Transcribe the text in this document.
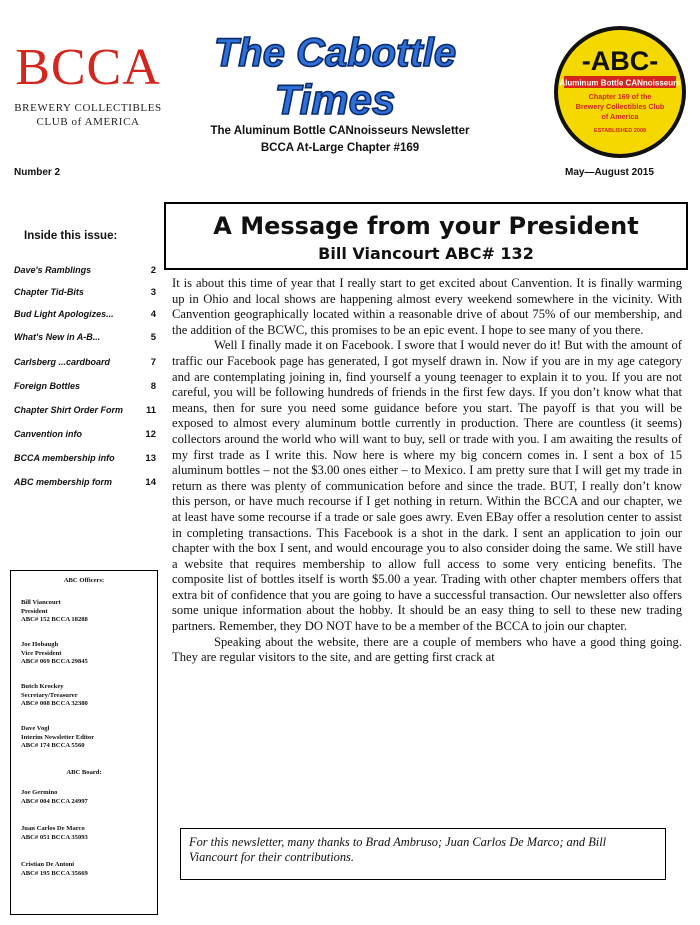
BCCA
BREWERY COLLECTIBLES
CLUB of AMERICA
The Cabottle
Times
The Aluminum Bottle CANnoisseurs Newsletter
BCCA At-Large Chapter #169
-ABC-
Aluminum Bottle CANnoisseurs
Chapter 169 of the
Brewery Collectibles Club
of America
ESTABLISHED 2008
Number 2	May—August 2015
Inside this issue:
Dave's Ramblings	2
Chapter Tid-Bits	3
Bud Light Apologizes...	4
What's New in A-B...	5
Carlsberg ...cardboard	7
Foreign Bottles	8
Chapter Shirt Order Form 11
Canvention info	12
BCCA membership info	13
ABC membership form	14
ABC Officers:
Bill Viancourt
President
ABC# 152 BCCA 18288
Joe Hobaugh
Vice President
ABC# 069 BCCA 29845
Butch Krockey
Secretary/Treasurer
ABC# 008 BCCA 32380
Dave Vogl
Interim Newsletter Editor
ABC# 174 BCCA 5560
ABC Board:
Joe Germino
ABC# 004 BCCA 24997
Juan Carlos De Marco
ABC# 051 BCCA 35093
Cristian De Antoni
ABC# 195 BCCA 35669
A Message from your President
Bill Viancourt ABC# 132

It is about this time of year that I really start to get excited about Canvention. It is finally warming up in Ohio and local shows are happening almost every weekend somewhere in the vicinity. With Canvention geographically located within a reasonable drive of about 75% of our membership, and the addition of the BCWC, this promises to be an epic event. I hope to see many of you there.

Well I finally made it on Facebook. I swore that I would never do it! But with the amount of traffic our Facebook page has generated, I got myself drawn in. Now if you are in my age category and are contemplating joining in, find yourself a young teenager to explain it to you. If you are not careful, you will be following hundreds of friends in the first few days. If you don’t know what that means, then for sure you need some guidance before you start. The payoff is that you will be exposed to almost every aluminum bottle currently in production. There are countless (it seems) collectors around the world who will want to buy, sell or trade with you. I am awaiting the results of my first trade as I write this. Now here is where my big concern comes in. I sent a box of 15 aluminum bottles – not the $3.00 ones either – to Mexico. I am pretty sure that I will get my trade in return as there was plenty of communication before and since the trade. BUT, I really don’t know this person, or have much recourse if I get nothing in return. Within the BCCA and our chapter, we at least have some recourse if a trade or sale goes awry. Even EBay offer a resolution center to assist in completing transactions. This Facebook is a shot in the dark. I sent an application to join our chapter with the box I sent, and would encourage you to also consider doing the same. We still have a website that requires membership to allow full access to some very enticing benefits. The composite list of bottles itself is worth $5.00 a year. Trading with other chapter members offers that extra bit of confidence that you are going to have a successful transaction. Our newsletter also offers some unique information about the hobby. It should be an easy thing to sell to these new trading partners. Remember, they DO NOT have to be a member of the BCCA to join our chapter.

Speaking about the website, there are a couple of members who have a good thing going. They are regular visitors to the site, and are getting first crack at

For this newsletter, many thanks to Brad Ambruso; Juan Carlos De Marco; and Bill Viancourt for their contributions.
